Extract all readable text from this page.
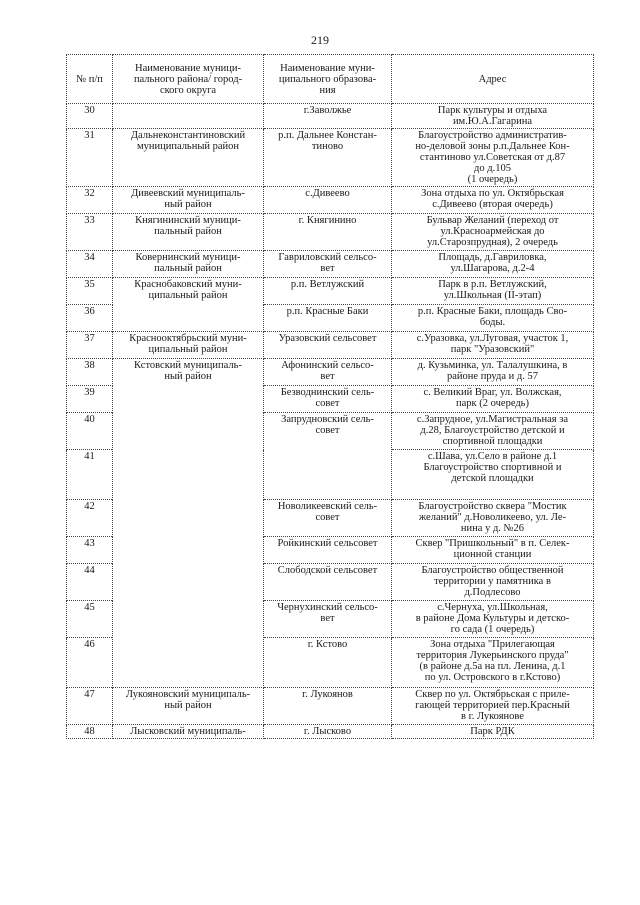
219
№ п/п	Наименование муници-
пального района/ город-
ского округа	Наименование муни-
ципального образова-
ния	Адрес
30		г.Заволжье	Парк культуры и отдыха
им.Ю.А.Гагарина
31	Дальнеконстантиновский
муниципальный район	р.п. Дальнее Констан-
тиново	Благоустройство административ-
но-деловой зоны р.п.Дальнее Кон-
стантиново ул.Советская от д.87
до д.105
(1 очередь)
32	Дивеевский муниципаль-
ный район	с.Дивеево	Зона отдыха по ул. Октябрьская
с.Дивеево (вторая очередь)
33	Княгининский муници-
пальный район	г. Княгинино	Бульвар Желаний (переход от
ул.Красноармейская до
ул.Старозпрудная), 2 очередь
34	Ковернинский муници-
пальный район	Гавриловский сельсо-
вет	Площадь, д.Гавриловка,
ул.Шагарова, д.2-4
35	Краснобаковский муни-
ципальный район	р.п. Ветлужский	Парк в р.п. Ветлужский,
ул.Школьная (II-этап)
36		р.п. Красные Баки	р.п. Красные Баки, площадь Сво-
боды.
37	Краснооктябрьский муни-
ципальный район	Уразовский сельсовет	с.Уразовка, ул.Луговая, участок 1,
парк "Уразовский"
38	Кстовский муниципаль-
ный район	Афонинский сельсо-
вет	д. Кузьминка, ул. Талалушкина, в
районе пруда и д. 57
39		Безводнинский сель-
совет	с. Великий Враг, ул. Волжская,
парк (2 очередь)
40		Запрудновский сель-
совет	с.Запрудное, ул.Магистральная за
д.28, Благоустройство детской и
спортивной площадки
41			с.Шава, ул.Село в районе д.1
Благоустройство спортивной и
детской площадки
42		Новоликеевский сель-
совет	Благоустройство сквера "Мостик
желаний" д.Новоликеево, ул. Ле-
нина у д. №26
43		Ройкинский сельсовет	Сквер "Пришкольный" в п. Селек-
ционной станции
44		Слободской сельсовет	Благоустройство общественной
территории у памятника в
д.Подлесово
45		Чернухинский сельсо-
вет	с.Чернуха, ул.Школьная,
в районе Дома Культуры и детско-
го сада (1 очередь)
46		г. Кстово	Зона отдыха "Прилегающая
территория Лукерьинского пруда"
(в районе д.5а на пл. Ленина, д.1
по ул. Островского в г.Кстово)
47	Лукояновский муниципаль-
ный район	г. Лукоянов	Сквер по ул. Октябрьская с приле-
гающей территорией пер.Красный
в г. Лукоянове
48	Лысковский муниципаль-	г. Лысково	Парк РДК
